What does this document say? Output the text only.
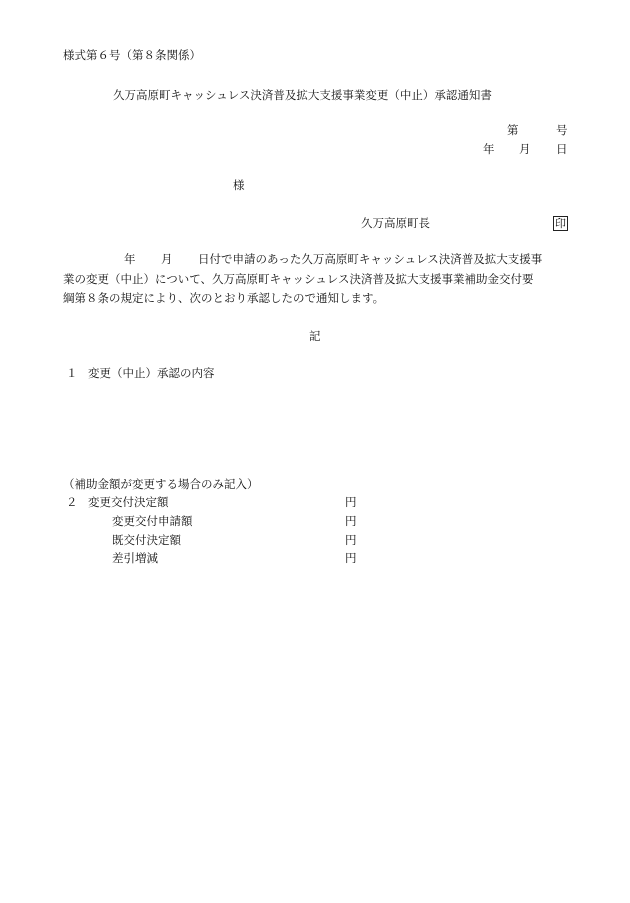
様式第６号（第８条関係）
久万高原町キャッシュレス決済普及拡大支援事業変更（中止）承認通知書
第	号
年 月 日
様
久万高原町長	印
年 月 日付で申請のあった久万高原町キャッシュレス決済普及拡大支援事
業の変更（中止）について、久万高原町キャッシュレス決済普及拡大支援事業補助金交付要
綱第８条の規定により、次のとおり承認したので通知します。
記
１ 変更（中止）承認の内容
（補助金額が変更する場合のみ記入）
２ 変更交付決定額	円
変更交付申請額	円
既交付決定額	円
差引増減	円
